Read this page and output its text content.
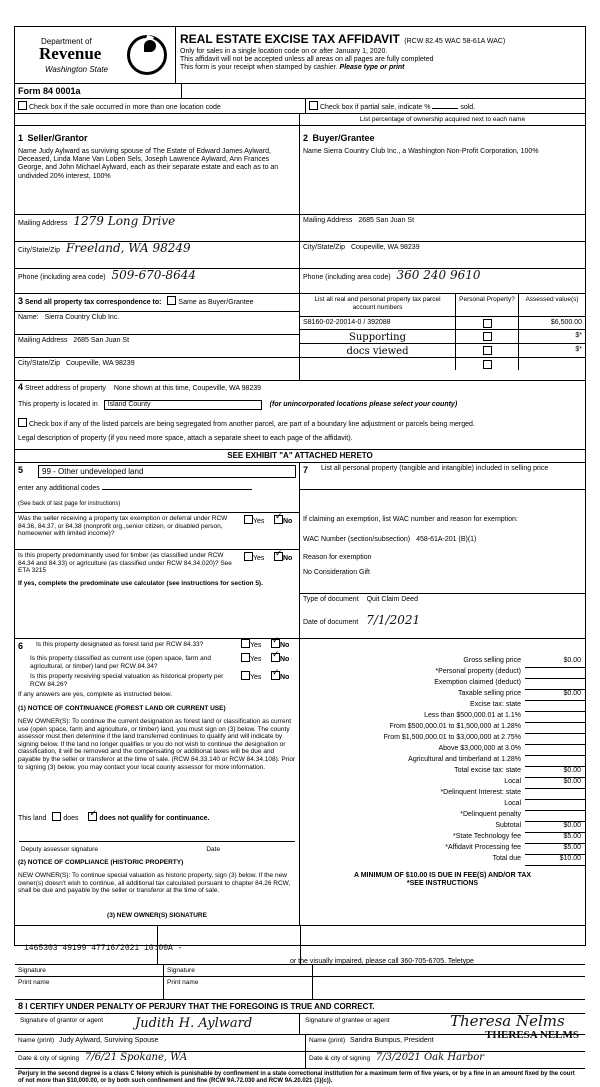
Department of
Revenue
Washington State
REAL ESTATE EXCISE TAX AFFIDAVIT (RCW 82.45 WAC 58-61A WAC)
Only for sales in a single location code on or after January 1, 2020.
This affidavit will not be accepted unless all areas on all pages are fully completed
This form is your receipt when stamped by cashier. Please type or print
Form 84 0001a
Check box if the sale occurred in more than one location code	Check box if partial sale, indicate %	sold.
List percentage of ownership acquired next to each name
1 Seller/Grantor
Name Judy Aylward as surviving spouse of The Estate of Edward James Aylward, Deceased, Linda Mane Van Loben Sels, Joseph Lawrence Aylward, Ann Frances George, and John Michael Aylward, each as their separate estate and each as to an undivided 20% interest, 100%
Mailing Address 1279 Long Drive
City/State/Zip Freeland, WA 98249
Phone (including area code) 509-670-8644
2 Buyer/Grantee
Name Sierra Country Club Inc., a Washington Non-Profit Corporation, 100%
Mailing Address 2685 San Juan St
City/State/Zip Coupeville, WA 98239
Phone (including area code) 360 240 9610
3 Send all property tax correspondence to: Same as Buyer/Grantee
Name: Sierra Country Club Inc.
Mailing Address 2685 San Juan St
City/State/Zip Coupeville, WA 98239
List all real and personal property tax parcel account numbers
Personal Property?	Assessed value(s)
S8160-02-20014-0 / 392088	$6,500.00
Supporting	$*
docs viewed	$*
4 Street address of property None shown at this time, Coupeville, WA 98239
This property is located in Island County	(for unincorporated locations please select your county)
Check box if any of the listed parcels are being segregated from another parcel, are part of a boundary line adjustment or parcels being merged.
Legal description of property (if you need more space, attach a separate sheet to each page of the affidavit).
SEE EXHIBIT "A" ATTACHED HERETO
5	99 - Other undeveloped land
enter any additional codes
(See back of last page for instructions)
Was the seller receiving a property tax exemption or deferral under RCW 84.36, 84.37, or 84.38 (nonprofit org.,senior citizen, or disabled person, homeowner with limited income)?
Yes
✓	No
Is this property predominantly used for timber (as classified under RCW 84.34 and 84.33) or agriculture (as classified under RCW 84.34.020)? See ETA 3215
Yes
✓	No
If yes, complete the predominate use calculator (see instructions for section 5).
7	List all personal property (tangible and intangible) included in selling price
If claiming an exemption, list WAC number and reason for exemption:
WAC Number (section/subsection) 458-61A-201 (B)(1)
Reason for exemption
No Consideration Gift
Type of document Quit Claim Deed
Date of document 7/1/2021
6	Is this property designated as forest land per RCW 84.33?	Yes ✓	No
Is this property classified as current use (open space, farm and agricultural, or timber) land per RCW 84.34?
Yes ✓	No
Is this property receiving special valuation as historical property per RCW 84.26?
Yes ✓	No
If any answers are yes, complete as instructed below.
(1) NOTICE OF CONTINUANCE (FOREST LAND OR CURRENT USE)
NEW OWNER(S): To continue the current designation as forest land or classification as current use (open space, farm and agriculture, or timber) land, you must sign on (3) below. The county assessor must then determine if the land transferred continues to qualify and will indicate by signing below. If the land no longer qualifies or you do not wish to continue the designation or classification, it will be removed and the compensating or additional taxes will be due and payable by the seller or transferor at the time of sale. (RCW 84.33.140 or RCW 84.34.108). Prior to signing (3) below, you may contact your local county assessor for more information.
This land does ✓	does not qualify for continuance.
Deputy assessor signature	Date
(2) NOTICE OF COMPLIANCE (HISTORIC PROPERTY)
NEW OWNER(S): To continue special valuation as historic property, sign (3) below. If the new owner(s) doesn't wish to continue, all additional tax calculated pursuant to chapter 84.26 RCW, shall be due and payable by the seller or transferor at the time of sale.
(3) NEW OWNER(S) SIGNATURE
Gross selling price	$0.00
*Personal property (deduct)
Exemption claimed (deduct)
Taxable selling price	$0.00
Excise tax: state
Less than $500,000.01 at 1.1%
From $500,000.01 to $1,500,000 at 1.28%
From $1,500,000.01 to $3,000,000 at 2.75%
Above $3,000,000 at 3.0%
Agricultural and timberland at 1.28%
Total excise tax: state	$0.00
Local	$0.00
*Delinquent Interest: state
Local
*Delinquent penalty
Subtotal	$0.00
*State Technology fee	$5.00
*Affidavit Processing fee	$5.00
Total due	$10.00
A MINIMUM OF $10.00 IS DUE IN FEE(S) AND/OR TAX
*SEE INSTRUCTIONS
Signature	Signature
Print name	Print name
8 I CERTIFY UNDER PENALTY OF PERJURY THAT THE FOREGOING IS TRUE AND CORRECT.
Signature of grantor or agent Judith H. Aylward	Signature of grantee or agent	Theresa Nelms
Name (print) Judy Aylward, Surviving Spouse	Name (print) Sandra Bumpus, President	THERESA NELMS
Date & city of signing 7/6/21 Spokane, WA	Date & city of signing 7/3/2021 Oak Harbor
Perjury in the second degree is a class C felony which is punishable by confinement in a state correctional institution for a maximum term of five years, or by a fine in an amount fixed by the court of not more than $10,000.00, or by both such confinement and fine (RCW 9A.72.030 and RCW 9A.20.021 (1)(c)).
1465303 49199 47716/2021 10:00A -
or the visually impaired, please call 360-705-6705. Teletype
